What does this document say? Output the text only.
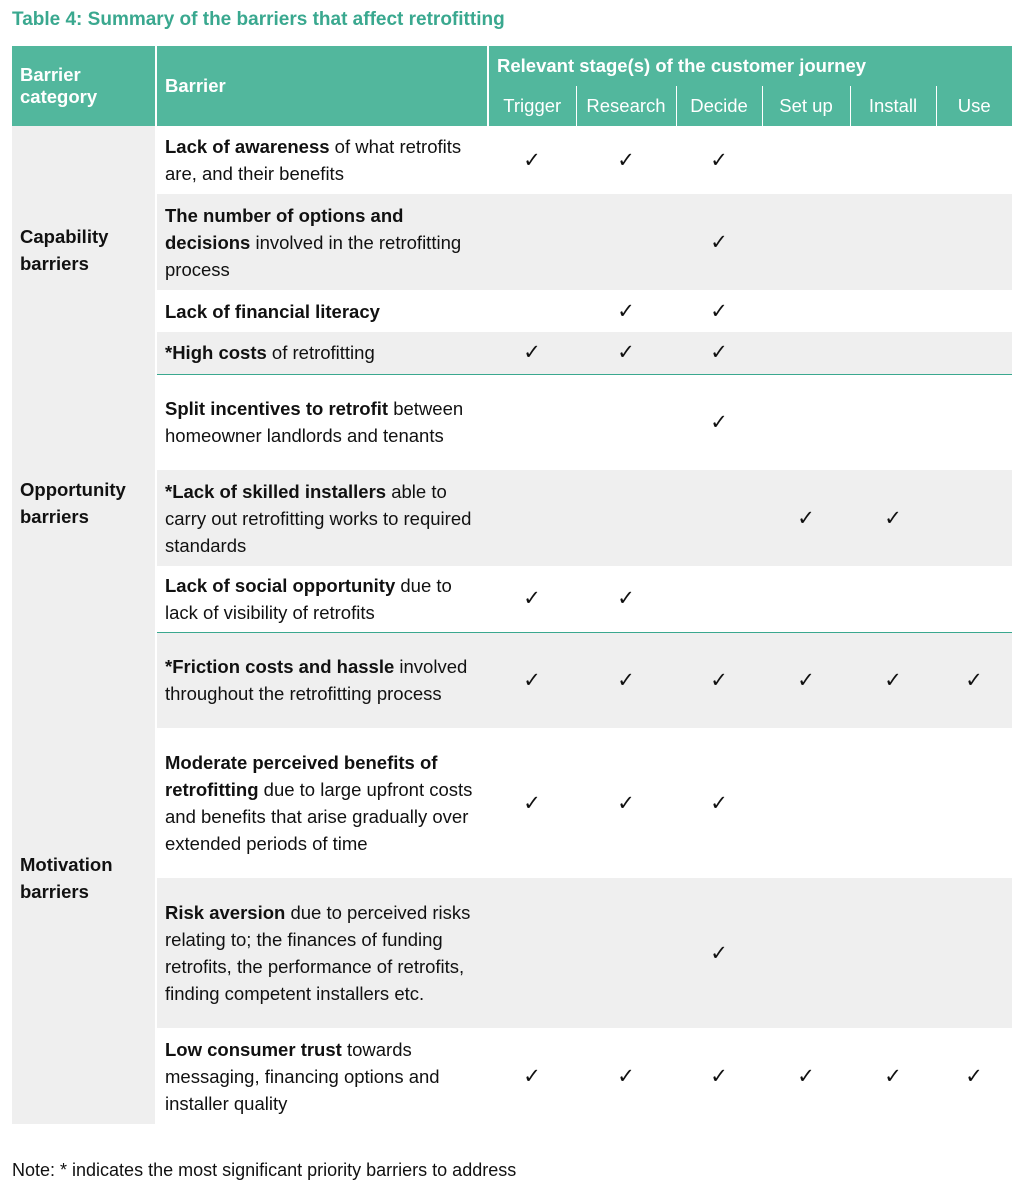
Table 4: Summary of the barriers that affect retrofitting
Barrier category	Barrier	Relevant stage(s) of the customer journey					
		Trigger	Research	Decide	Set up	Install	Use
Capability barriers	Lack of awareness of what retrofits are, and their benefits	✓	✓	✓			
	The number of options and decisions involved in the retrofitting process			✓			
	Lack of financial literacy		✓	✓			
	*High costs of retrofitting	✓	✓	✓			
Opportunity barriers	Split incentives to retrofit between homeowner landlords and tenants			✓			
	*Lack of skilled installers able to carry out retrofitting works to required standards				✓	✓	
	Lack of social opportunity due to lack of visibility of retrofits	✓	✓				
Motivation barriers	*Friction costs and hassle involved throughout the retrofitting process	✓	✓	✓	✓	✓	✓
	Moderate perceived benefits of retrofitting due to large upfront costs and benefits that arise gradually over extended periods of time	✓	✓	✓			
	Risk aversion due to perceived risks relating to; the finances of funding retrofits, the performance of retrofits, finding competent installers etc.			✓			
	Low consumer trust towards messaging, financing options and installer quality	✓	✓	✓	✓	✓	✓
Note: * indicates the most significant priority barriers to address
